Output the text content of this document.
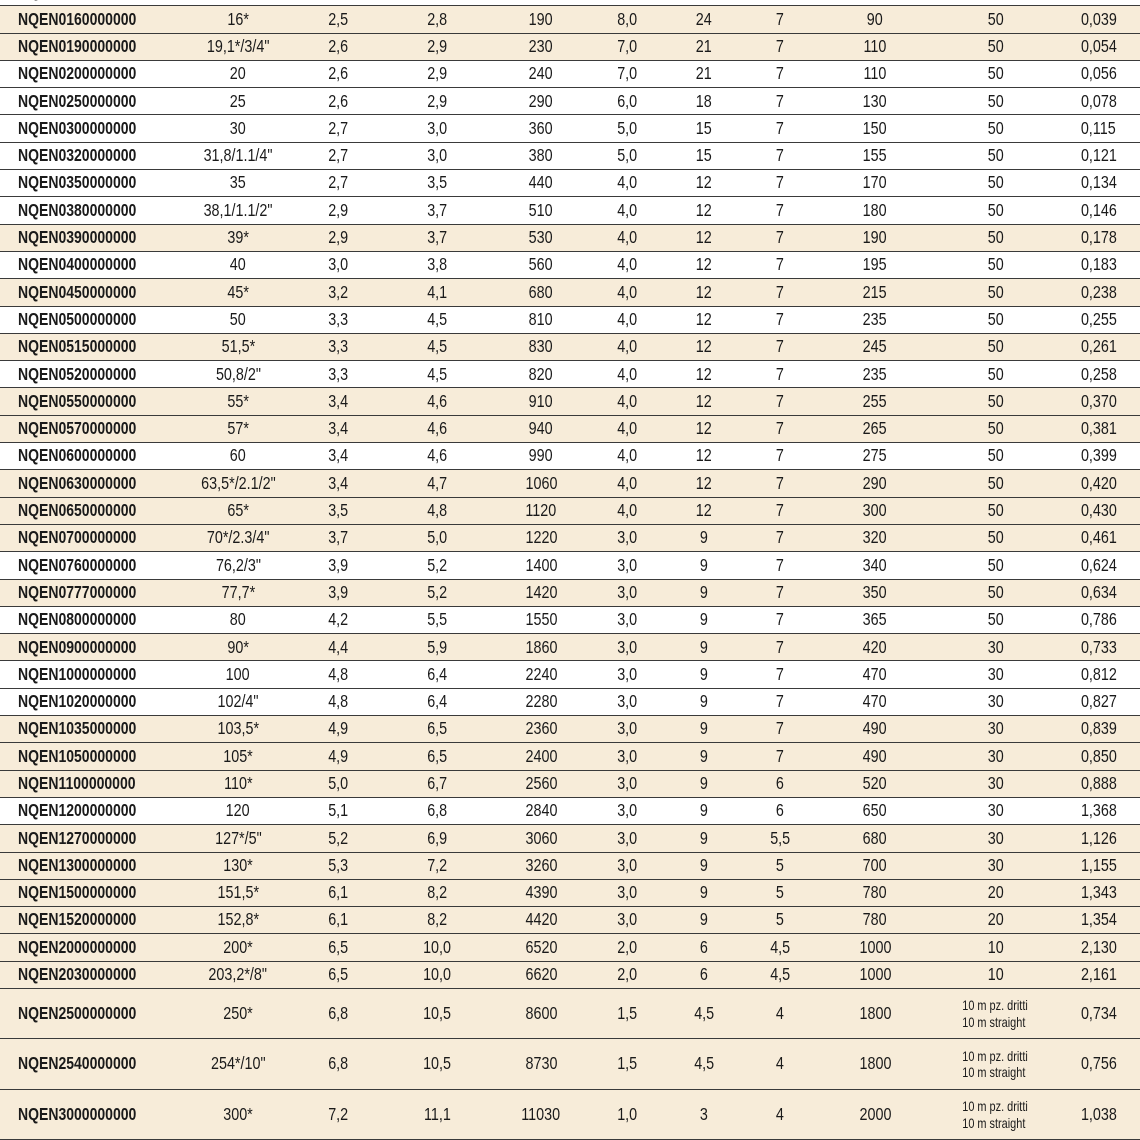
NQEN0160000000	16*	2,5	2,8	190	8,0	24	7	90	50	0,039
NQEN0190000000	19,1*/3/4"	2,6	2,9	230	7,0	21	7	110	50	0,054
NQEN0200000000	20	2,6	2,9	240	7,0	21	7	110	50	0,056
NQEN0250000000	25	2,6	2,9	290	6,0	18	7	130	50	0,078
NQEN0300000000	30	2,7	3,0	360	5,0	15	7	150	50	0,115
NQEN0320000000	31,8/1.1/4"	2,7	3,0	380	5,0	15	7	155	50	0,121
NQEN0350000000	35	2,7	3,5	440	4,0	12	7	170	50	0,134
NQEN0380000000	38,1/1.1/2"	2,9	3,7	510	4,0	12	7	180	50	0,146
NQEN0390000000	39*	2,9	3,7	530	4,0	12	7	190	50	0,178
NQEN0400000000	40	3,0	3,8	560	4,0	12	7	195	50	0,183
NQEN0450000000	45*	3,2	4,1	680	4,0	12	7	215	50	0,238
NQEN0500000000	50	3,3	4,5	810	4,0	12	7	235	50	0,255
NQEN0515000000	51,5*	3,3	4,5	830	4,0	12	7	245	50	0,261
NQEN0520000000	50,8/2"	3,3	4,5	820	4,0	12	7	235	50	0,258
NQEN0550000000	55*	3,4	4,6	910	4,0	12	7	255	50	0,370
NQEN0570000000	57*	3,4	4,6	940	4,0	12	7	265	50	0,381
NQEN0600000000	60	3,4	4,6	990	4,0	12	7	275	50	0,399
NQEN0630000000	63,5*/2.1/2"	3,4	4,7	1060	4,0	12	7	290	50	0,420
NQEN0650000000	65*	3,5	4,8	1120	4,0	12	7	300	50	0,430
NQEN0700000000	70*/2.3/4"	3,7	5,0	1220	3,0	9	7	320	50	0,461
NQEN0760000000	76,2/3"	3,9	5,2	1400	3,0	9	7	340	50	0,624
NQEN0777000000	77,7*	3,9	5,2	1420	3,0	9	7	350	50	0,634
NQEN0800000000	80	4,2	5,5	1550	3,0	9	7	365	50	0,786
NQEN0900000000	90*	4,4	5,9	1860	3,0	9	7	420	30	0,733
NQEN1000000000	100	4,8	6,4	2240	3,0	9	7	470	30	0,812
NQEN1020000000	102/4"	4,8	6,4	2280	3,0	9	7	470	30	0,827
NQEN1035000000	103,5*	4,9	6,5	2360	3,0	9	7	490	30	0,839
NQEN1050000000	105*	4,9	6,5	2400	3,0	9	7	490	30	0,850
NQEN1100000000	110*	5,0	6,7	2560	3,0	9	6	520	30	0,888
NQEN1200000000	120	5,1	6,8	2840	3,0	9	6	650	30	1,368
NQEN1270000000	127*/5"	5,2	6,9	3060	3,0	9	5,5	680	30	1,126
NQEN1300000000	130*	5,3	7,2	3260	3,0	9	5	700	30	1,155
NQEN1500000000	151,5*	6,1	8,2	4390	3,0	9	5	780	20	1,343
NQEN1520000000	152,8*	6,1	8,2	4420	3,0	9	5	780	20	1,354
NQEN2000000000	200*	6,5	10,0	6520	2,0	6	4,5	1000	10	2,130
NQEN2030000000	203,2*/8"	6,5	10,0	6620	2,0	6	4,5	1000	10	2,161
NQEN2500000000	250*	6,8	10,5	8600	1,5	4,5	4	1800	10 m pz. dritti
10 m straight	0,734
NQEN2540000000	254*/10"	6,8	10,5	8730	1,5	4,5	4	1800	10 m pz. dritti
10 m straight	0,756
NQEN3000000000	300*	7,2	11,1	11030	1,0	3	4	2000	10 m pz. dritti
10 m straight	1,038
